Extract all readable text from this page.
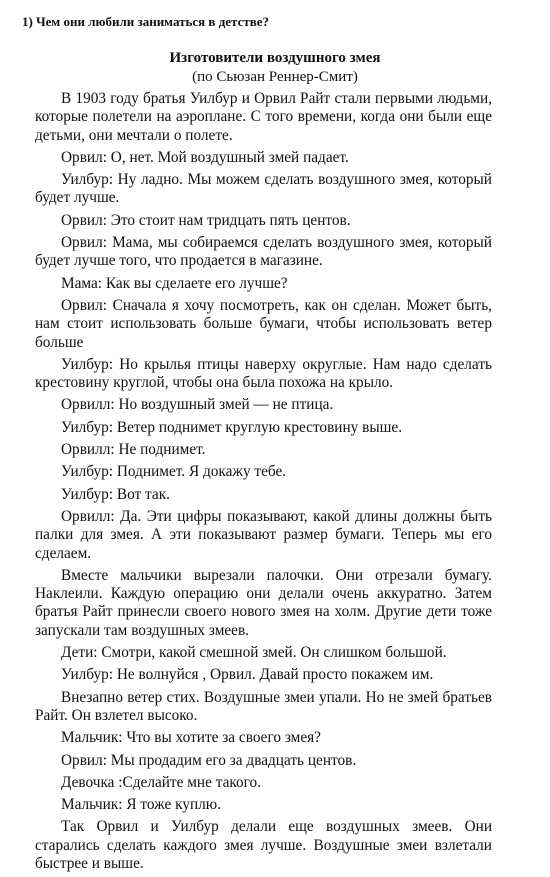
1) Чем они любили заниматься в детстве?
Изготовители воздушного змея
(по Сьюзан Реннер-Смит)

В 1903 году братья Уилбур и Орвил Райт стали первыми людьми, которые полетели на аэроплане. С того времени, когда они были еще детьми, они мечтали о полете.

Орвил: О, нет. Мой воздушный змей падает.

Уилбур: Ну ладно. Мы можем сделать воздушного змея, который будет лучше.

Орвил: Это стоит нам тридцать пять центов.

Орвил: Мама, мы собираемся сделать воздушного змея, который будет лучше того, что продается в магазине.

Мама: Как вы сделаете его лучше?

Орвил: Сначала я хочу посмотреть, как он сделан. Может быть, нам стоит использовать больше бумаги, чтобы использовать ветер больше

Уилбур: Но крылья птицы наверху округлые. Нам надо сделать крестовину круглой, чтобы она была похожа на крыло.

Орвилл: Но воздушный змей — не птица.

Уилбур: Ветер поднимет круглую крестовину выше.

Орвилл: Не поднимет.

Уилбур: Поднимет. Я докажу тебе.

Уилбур: Вот так.

Орвилл: Да. Эти цифры показывают, какой длины должны быть палки для змея. А эти показывают размер бумаги. Теперь мы его сделаем.

Вместе мальчики вырезали палочки. Они отрезали бумагу. Наклеили. Каждую операцию они делали очень аккуратно. Затем братья Райт принесли своего нового змея на холм. Другие дети тоже запускали там воздушных змеев.

Дети: Смотри, какой смешной змей. Он слишком большой.

Уилбур: Не волнуйся , Орвил. Давай просто покажем им.

Внезапно ветер стих. Воздушные змеи упали. Но не змей братьев Райт. Он взлетел высоко.

Мальчик: Что вы хотите за своего змея?

Орвил: Мы продадим его за двадцать центов.

Девочка :Сделайте мне такого.

Мальчик: Я тоже куплю.

Так Орвил и Уилбур делали еще воздушных змеев. Они старались сделать каждого змея лучше. Воздушные змеи взлетали быстрее и выше.
